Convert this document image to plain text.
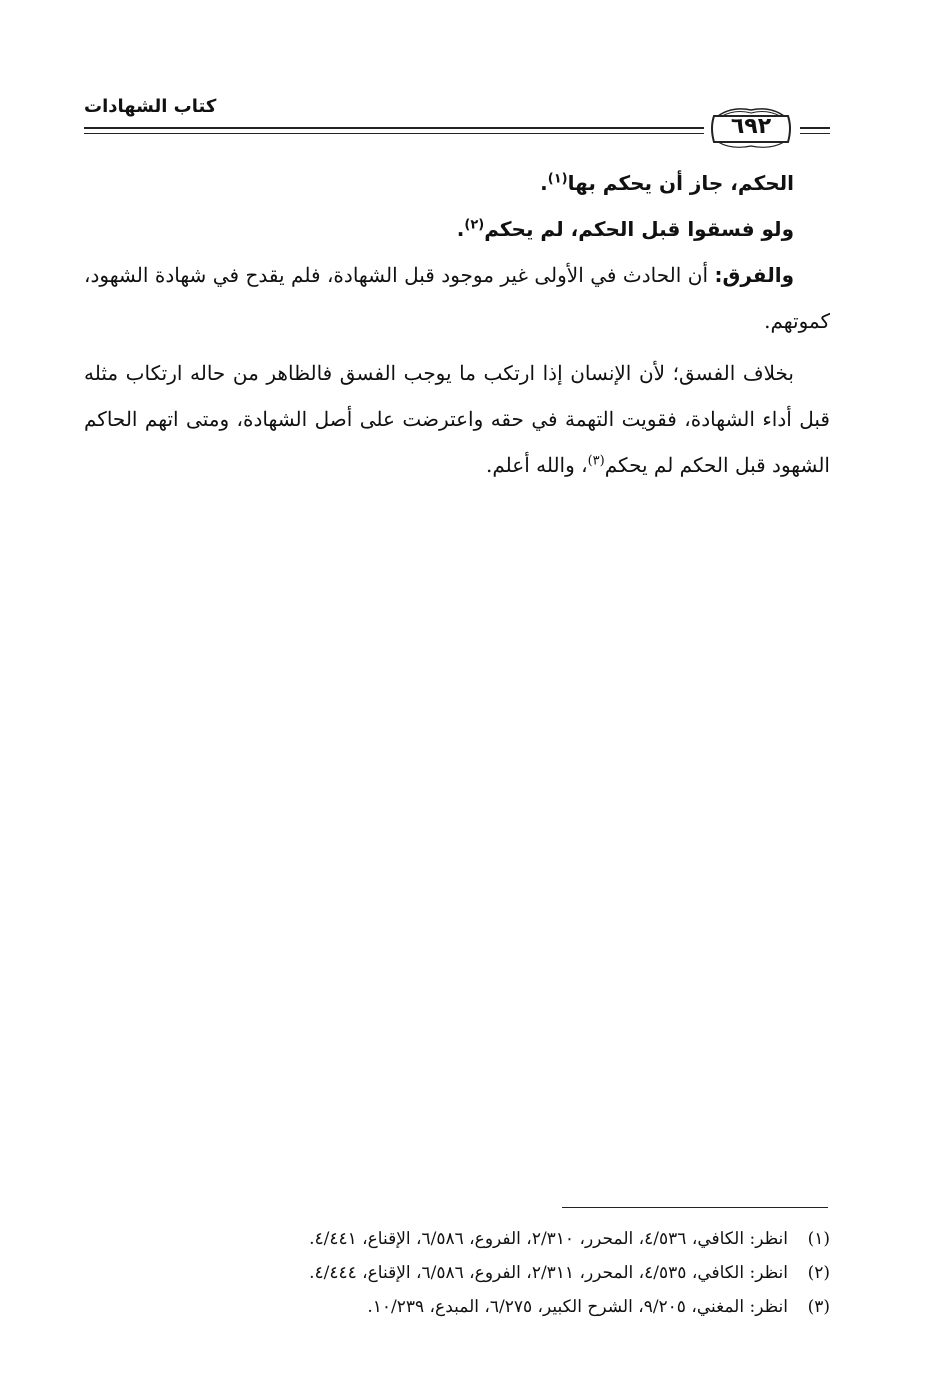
كتاب الشهادات
٦٩٢

الحكم، جاز أن يحكم بها$^{(١)}$.

ولو فسقوا قبل الحكم، لم يحكم$^{(٢)}$.

والفرق: أن الحادث في الأولى غير موجود قبل الشهادة، فلم يقدح في شهادة الشهود، كموتهم.

بخلاف الفسق؛ لأن الإنسان إذا ارتكب ما يوجب الفسق فالظاهر من حاله ارتكاب مثله قبل أداء الشهادة، فقويت التهمة في حقه واعترضت على أصل الشهادة، ومتى اتهم الحاكم الشهود قبل الحكم لم يحكم$^{(٣)}$، والله أعلم.

(١)انظر: الكافي، ٤/٥٣٦، المحرر، ٢/٣١٠، الفروع، ٦/٥٨٦، الإقناع، ٤/٤٤١.

(٢)انظر: الكافي، ٤/٥٣٥، المحرر، ٢/٣١١، الفروع، ٦/٥٨٦، الإقناع، ٤/٤٤٤.

(٣)انظر: المغني، ٩/٢٠٥، الشرح الكبير، ٦/٢٧٥، المبدع، ١٠/٢٣٩.
